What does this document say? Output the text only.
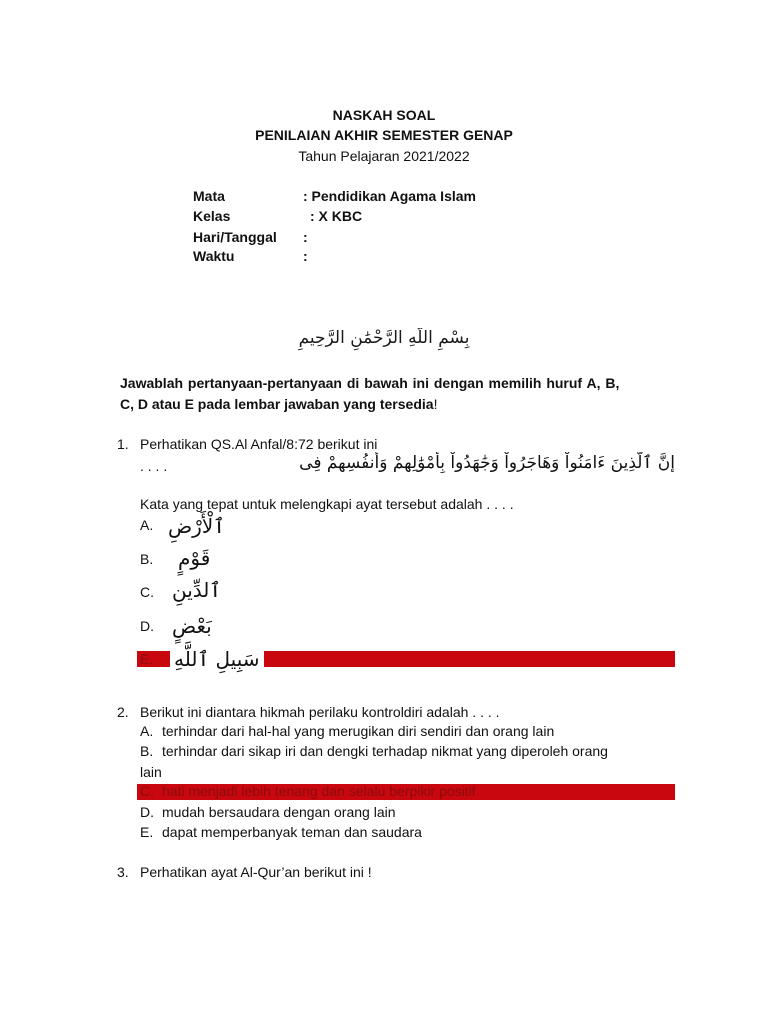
NASKAH SOAL
PENILAIAN AKHIR SEMESTER GENAP
Tahun Pelajaran 2021/2022
Mata	: Pendidikan Agama Islam
Kelas	: X KBC
Hari/Tanggal :
Waktu	:
بِسْمِ اللَّهِ الرَّحْمَٰنِ الرَّحِيمِ
Jawablah pertanyaan-pertanyaan di bawah ini dengan memilih huruf A, B,
C, D atau E pada lembar jawaban yang tersedia!
1. Perhatikan QS.Al Anfal/8:72 berikut ini
. . . .	إِنَّ ٱلَّذِينَ ءَامَنُواْ وَهَاجَرُواْ وَجَٰهَدُواْ بِأَمْوَٰلِهِمْ وَأَنفُسِهِمْ فِى
Kata yang tepat untuk melengkapi ayat tersebut adalah . . . .
A. ٱلْأَرْضِ
B. قَوْمٍ
C. ٱلدِّينِ
D. بَعْضٍ
E. سَبِيلِ ٱللَّهِ
2. Berikut ini diantara hikmah perilaku kontroldiri adalah . . . .
A. terhindar dari hal-hal yang merugikan diri sendiri dan orang lain
B. terhindar dari sikap iri dan dengki terhadap nikmat yang diperoleh orang
lain
C. hati menjadi lebih tenang dan selalu berpikir positif
D. mudah bersaudara dengan orang lain
E. dapat memperbanyak teman dan saudara
3. Perhatikan ayat Al-Qur’an berikut ini !
